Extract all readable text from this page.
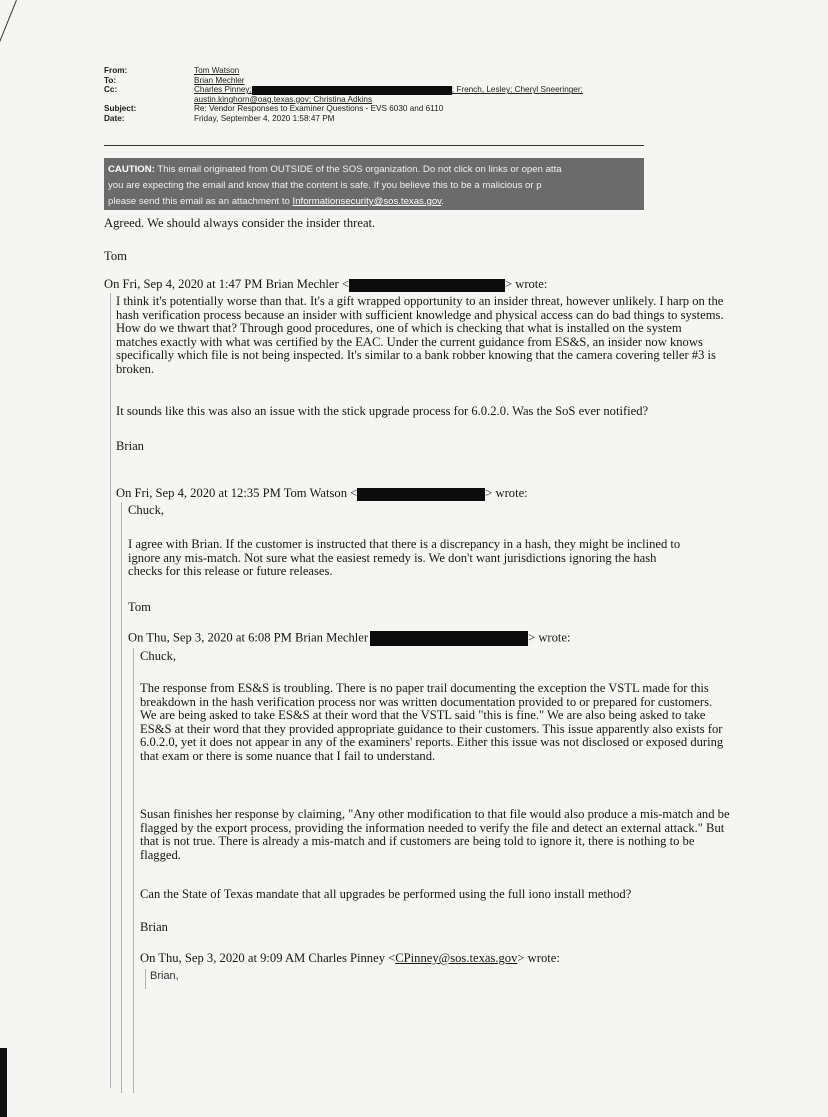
From:	Tom Watson
To:	Brian Mechler
Cc:	Charles Pinney;	; French, Lesley; Cheryl Sneeringer;
austin.kinghorn@oag.texas.gov; Christina Adkins
Subject:	Re: Vendor Responses to Examiner Questions - EVS 6030 and 6110
Date:	Friday, September 4, 2020 1:58:47 PM
CAUTION: This email originated from OUTSIDE of the SOS organization. Do not click on links or open atta
you are expecting the email and know that the content is safe. If you believe this to be a malicious or p
please send this email as an attachment to Informationsecurity@sos.texas.gov.
Agreed. We should always consider the insider threat.
Tom
On Fri, Sep 4, 2020 at 1:47 PM Brian Mechler <	> wrote:
I think it's potentially worse than that. It's a gift wrapped opportunity to an insider threat, however unlikely. I harp on the hash verification process because an insider with sufficient knowledge and physical access can do bad things to systems. How do we thwart that? Through good procedures, one of which is checking that what is installed on the system matches exactly with what was certified by the EAC. Under the current guidance from ES&S, an insider now knows specifically which file is not being inspected. It's similar to a bank robber knowing that the camera covering teller #3 is broken.
It sounds like this was also an issue with the stick upgrade process for 6.0.2.0. Was the SoS ever notified?
Brian
On Fri, Sep 4, 2020 at 12:35 PM Tom Watson <	> wrote:
Chuck,
I agree with Brian. If the customer is instructed that there is a discrepancy in a hash, they might be inclined to ignore any mis-match. Not sure what the easiest remedy is. We don't want jurisdictions ignoring the hash checks for this release or future releases.
Tom
On Thu, Sep 3, 2020 at 6:08 PM Brian Mechler	> wrote:
Chuck,
The response from ES&S is troubling. There is no paper trail documenting the exception the VSTL made for this breakdown in the hash verification process nor was written documentation provided to or prepared for customers. We are being asked to take ES&S at their word that the VSTL said "this is fine." We are also being asked to take ES&S at their word that they provided appropriate guidance to their customers. This issue apparently also exists for 6.0.2.0, yet it does not appear in any of the examiners' reports. Either this issue was not disclosed or exposed during that exam or there is some nuance that I fail to understand.
Susan finishes her response by claiming, "Any other modification to that file would also produce a mis-match and be flagged by the export process, providing the information needed to verify the file and detect an external attack." But that is not true. There is already a mis-match and if customers are being told to ignore it, there is nothing to be flagged.
Can the State of Texas mandate that all upgrades be performed using the full iono install method?
Brian
On Thu, Sep 3, 2020 at 9:09 AM Charles Pinney <CPinney@sos.texas.gov> wrote:
Brian,
